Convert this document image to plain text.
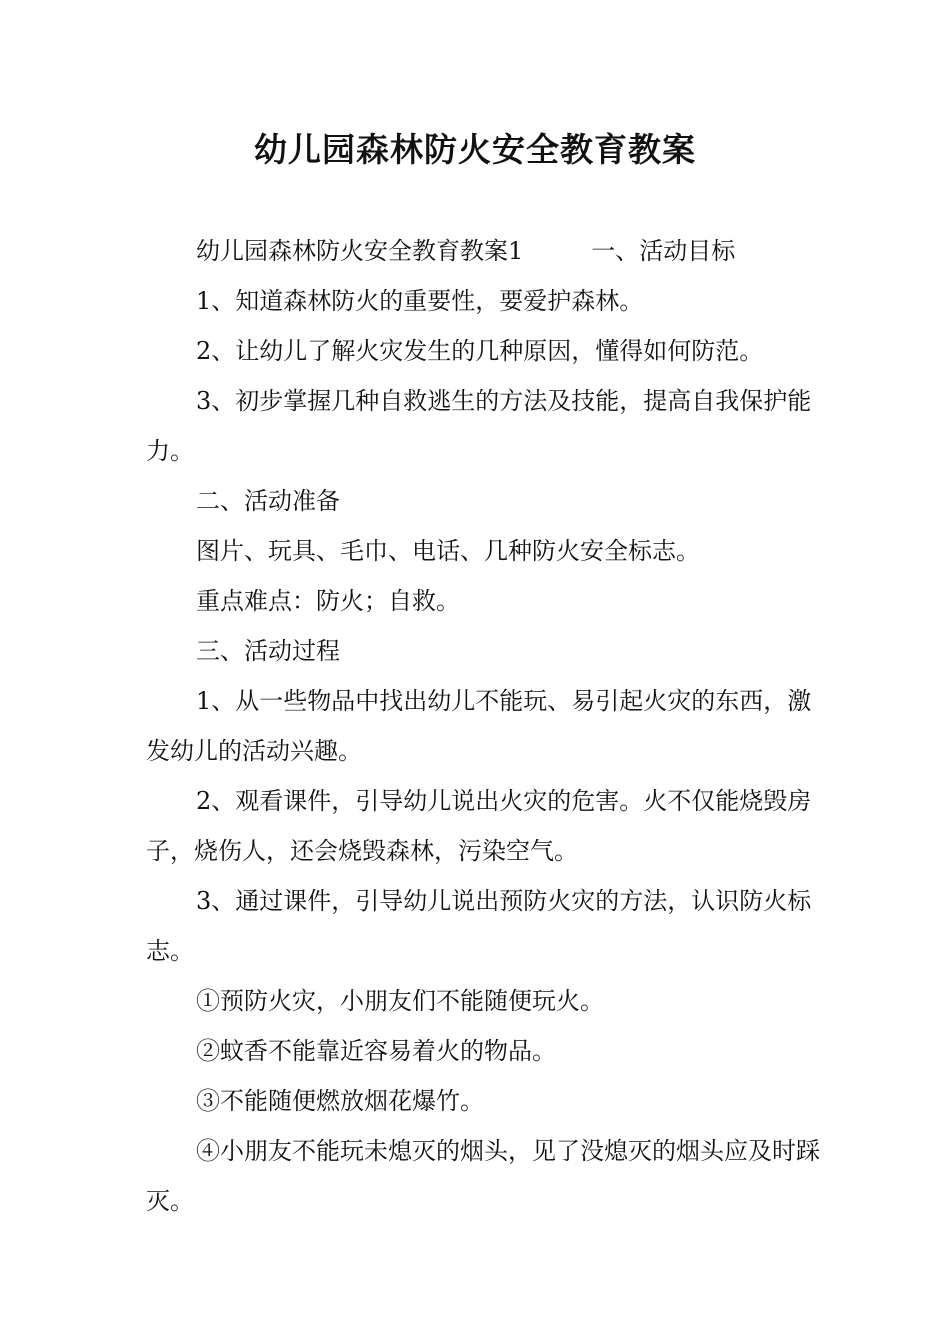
幼儿园森林防火安全教育教案

幼儿园森林防火安全教育教案1	一、活动目标

1、知道森林防火的重要性，要爱护森林。

2、让幼儿了解火灾发生的几种原因，懂得如何防范。

3、初步掌握几种自救逃生的方法及技能，提高自我保护能力。

二、活动准备

图片、玩具、毛巾、电话、几种防火安全标志。

重点难点：防火；自救。

三、活动过程

1、从一些物品中找出幼儿不能玩、易引起火灾的东西，激发幼儿的活动兴趣。

2、观看课件，引导幼儿说出火灾的危害。火不仅能烧毁房子，烧伤人，还会烧毁森林，污染空气。

3、通过课件，引导幼儿说出预防火灾的方法，认识防火标志。

①预防火灾，小朋友们不能随便玩火。

②蚊香不能靠近容易着火的物品。

③不能随便燃放烟花爆竹。

④小朋友不能玩未熄灭的烟头，见了没熄灭的烟头应及时踩灭。
